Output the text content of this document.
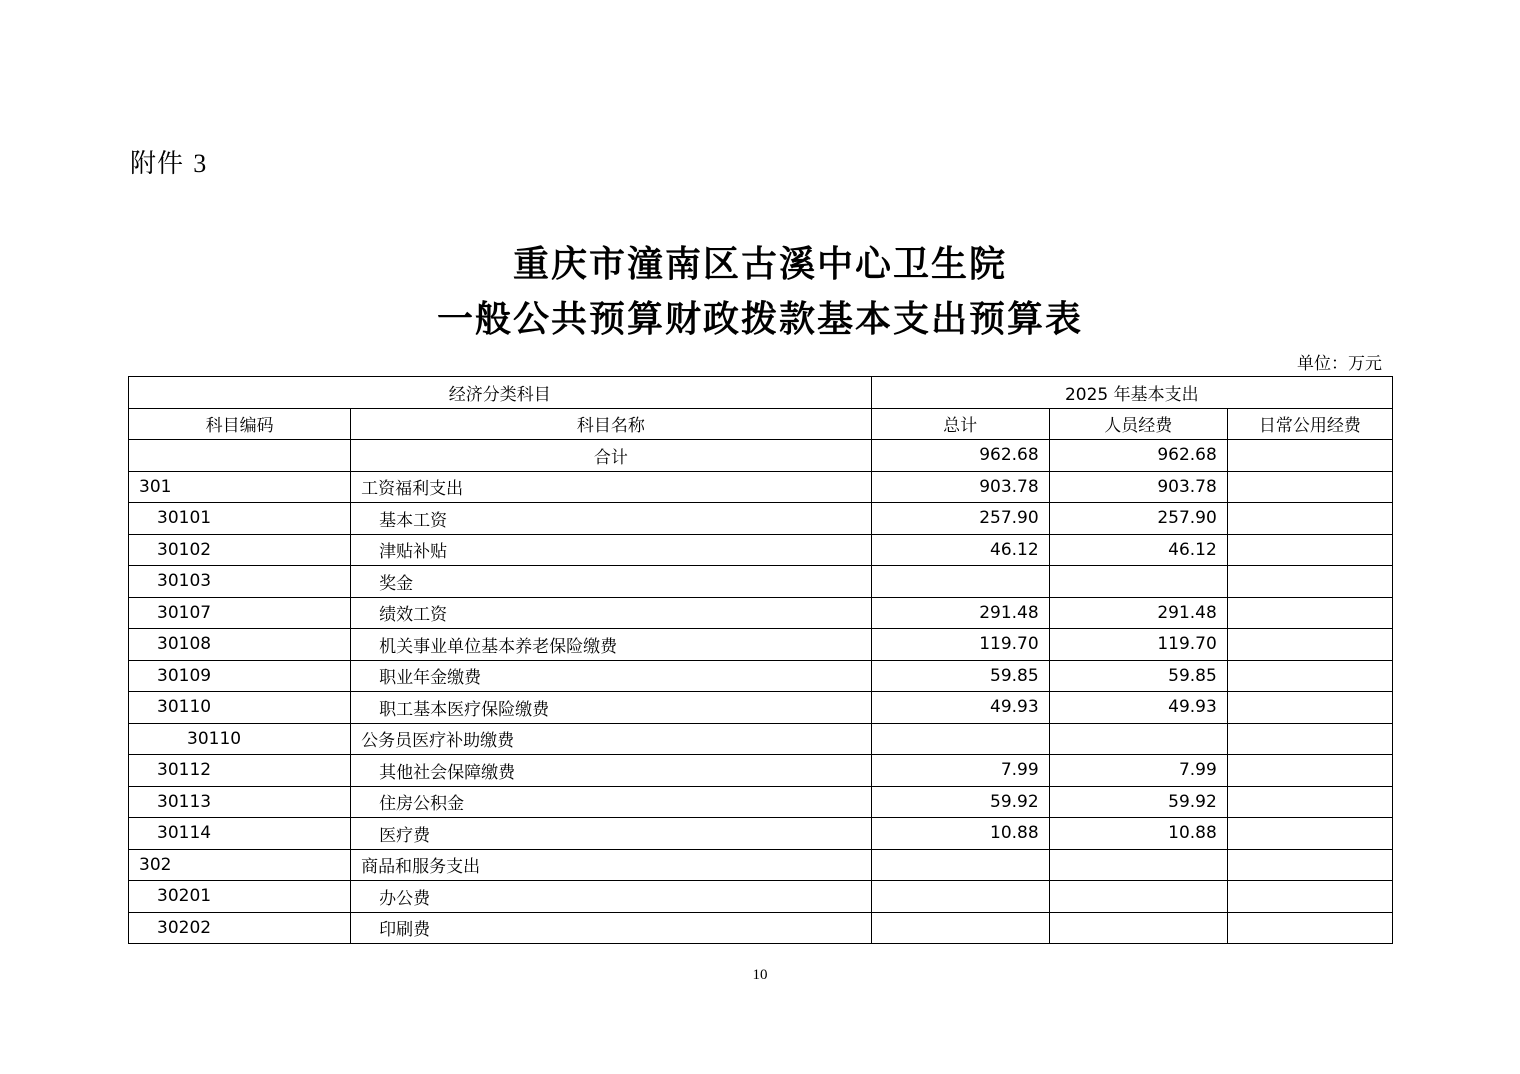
附件 3
重庆市潼南区古溪中心卫生院
一般公共预算财政拨款基本支出预算表
单位：万元
经济分类科目		2025 年基本支出		
科目编码	科目名称	总计	人员经费	日常公用经费
	合计	962.68	962.68	
301	工资福利支出	903.78	903.78	
30101	基本工资	257.90	257.90	
30102	津贴补贴	46.12	46.12	
30103	奖金			
30107	绩效工资	291.48	291.48	
30108	机关事业单位基本养老保险缴费	119.70	119.70	
30109	职业年金缴费	59.85	59.85	
30110	职工基本医疗保险缴费	49.93	49.93	
30110	公务员医疗补助缴费			
30112	其他社会保障缴费	7.99	7.99	
30113	住房公积金	59.92	59.92	
30114	医疗费	10.88	10.88	
302	商品和服务支出			
30201	办公费			
30202	印刷费			
10
